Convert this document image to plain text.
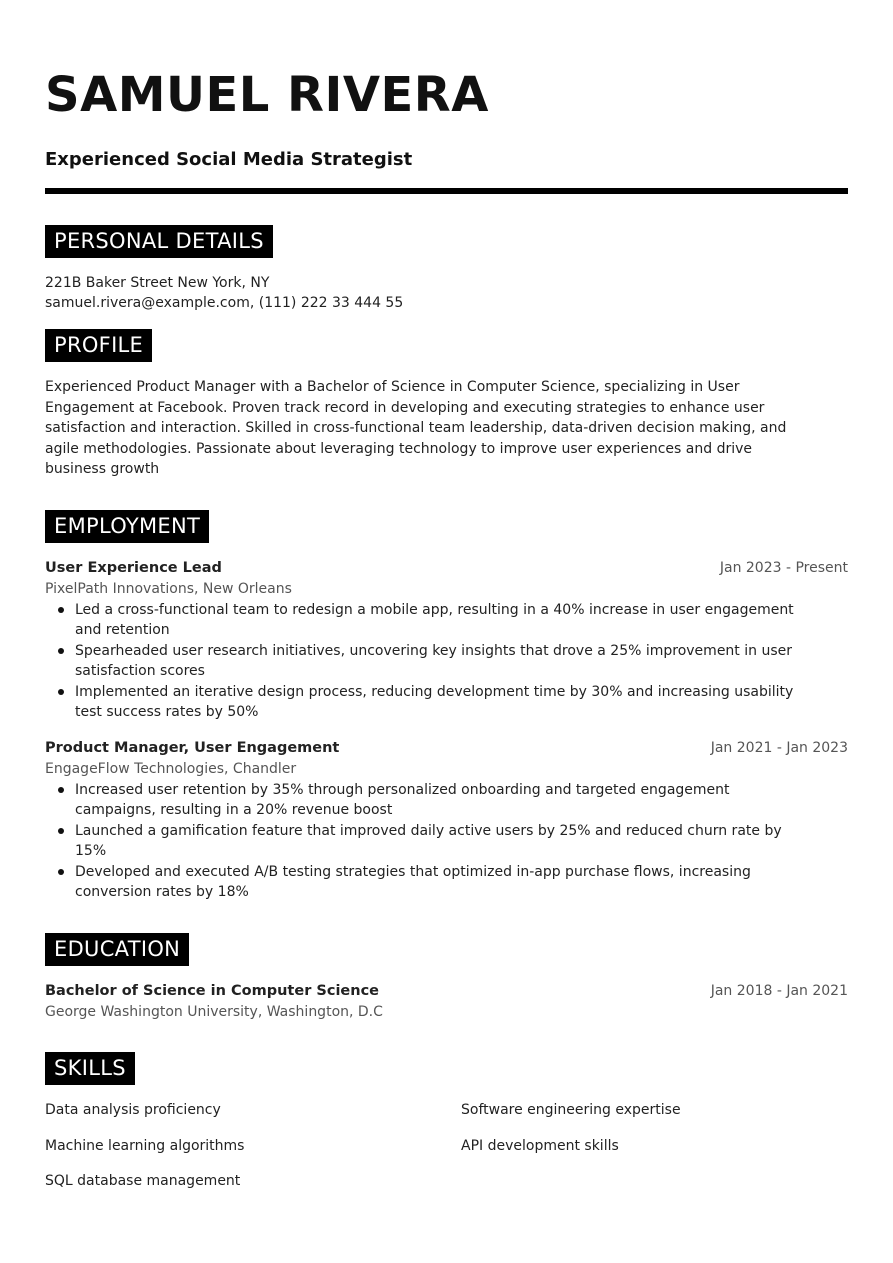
SAMUEL RIVERA
Experienced Social Media Strategist
PERSONAL DETAILS
221B Baker Street New York, NY
samuel.rivera@example.com, (111) 222 33 444 55
PROFILE
Experienced Product Manager with a Bachelor of Science in Computer Science, specializing in User
Engagement at Facebook. Proven track record in developing and executing strategies to enhance user
satisfaction and interaction. Skilled in cross-functional team leadership, data-driven decision making, and
agile methodologies. Passionate about leveraging technology to improve user experiences and drive
business growth
EMPLOYMENT
User Experience Lead	Jan 2023 - Present
PixelPath Innovations, New Orleans
Led a cross-functional team to redesign a mobile app, resulting in a 40% increase in user engagement
and retention
Spearheaded user research initiatives, uncovering key insights that drove a 25% improvement in user
satisfaction scores
Implemented an iterative design process, reducing development time by 30% and increasing usability
test success rates by 50%
Product Manager, User Engagement	Jan 2021 - Jan 2023
EngageFlow Technologies, Chandler
Increased user retention by 35% through personalized onboarding and targeted engagement
campaigns, resulting in a 20% revenue boost
Launched a gamification feature that improved daily active users by 25% and reduced churn rate by
15%
Developed and executed A/B testing strategies that optimized in-app purchase flows, increasing
conversion rates by 18%
EDUCATION
Bachelor of Science in Computer Science	Jan 2018 - Jan 2021
George Washington University, Washington, D.C
SKILLS
Data analysis proficiency	Software engineering expertise
Machine learning algorithms	API development skills
SQL database management
